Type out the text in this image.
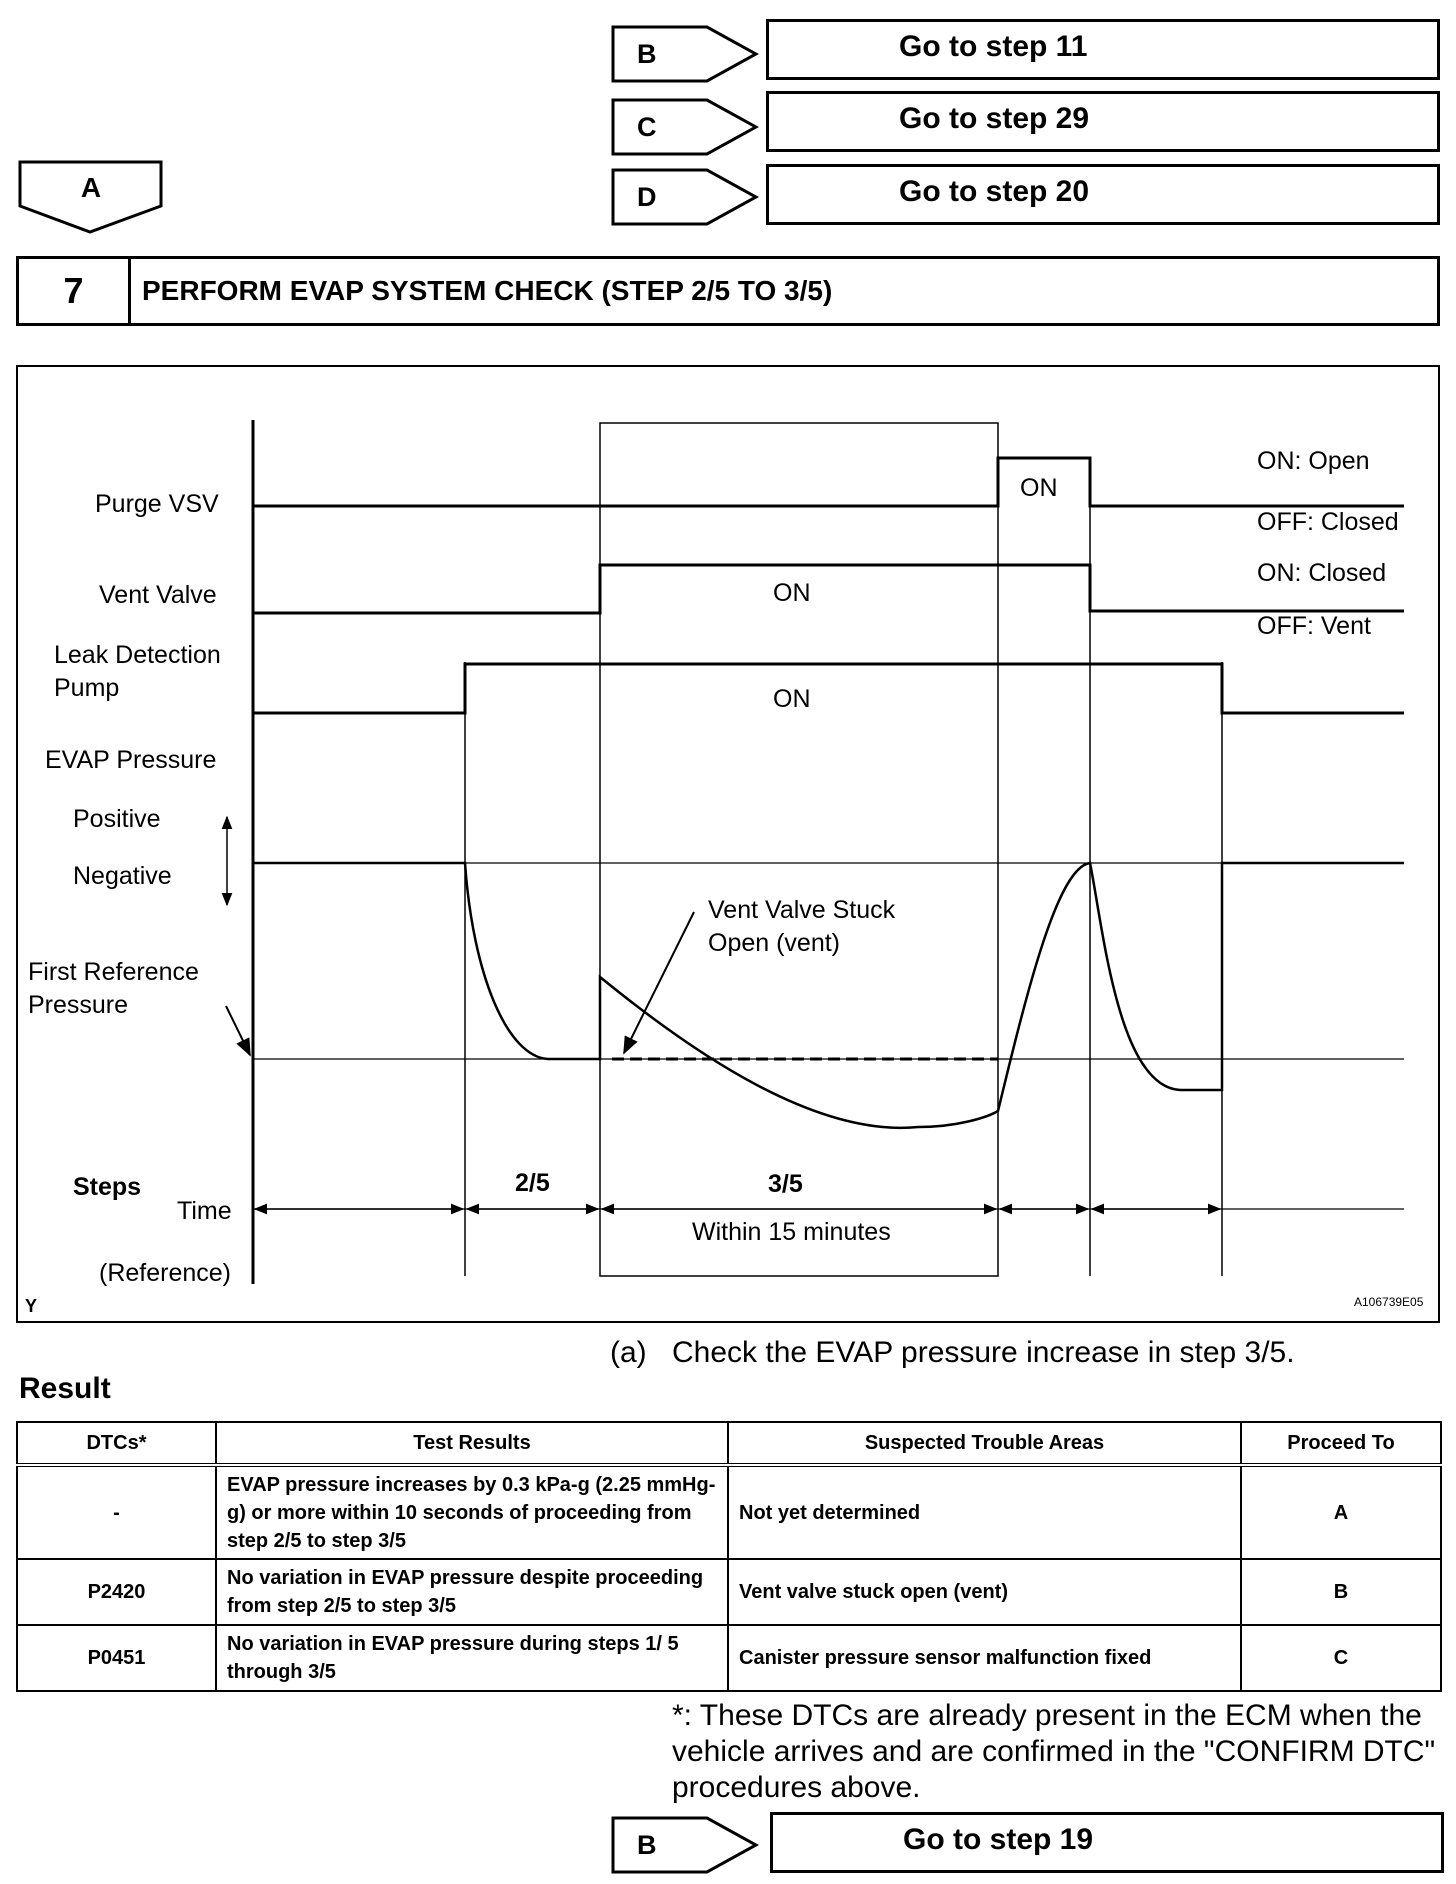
B	Go to step 11
C	Go to step 29
D	Go to step 20
A
7	PERFORM EVAP SYSTEM CHECK (STEP 2/5 TO 3/5)
Purge VSV
Vent Valve
Leak Detection
Pump
EVAP Pressure
Positive
Negative
First Reference
Pressure
Steps
Time
(Reference)
ON
ON
ON
ON: Open
OFF: Closed
ON: Closed
OFF: Vent
Vent Valve Stuck
Open (vent)
2/5	3/5
Within 15 minutes
Y	A106739E05
(a) Check the EVAP pressure increase in step 3/5.
Result
DTCs*	Test Results	Suspected Trouble Areas	Proceed To
-	EVAP pressure increases by 0.3 kPa-g (2.25 mmHg-g) or more within 10 seconds of proceeding from step 2/5 to step 3/5	Not yet determined	A
P2420	No variation in EVAP pressure despite proceeding from step 2/5 to step 3/5	Vent valve stuck open (vent)	B
P0451	No variation in EVAP pressure during steps 1/ 5 through 3/5	Canister pressure sensor malfunction fixed	C
*: These DTCs are already present in the ECM when the vehicle arrives and are confirmed in the "CONFIRM DTC" procedures above.
B	Go to step 19
